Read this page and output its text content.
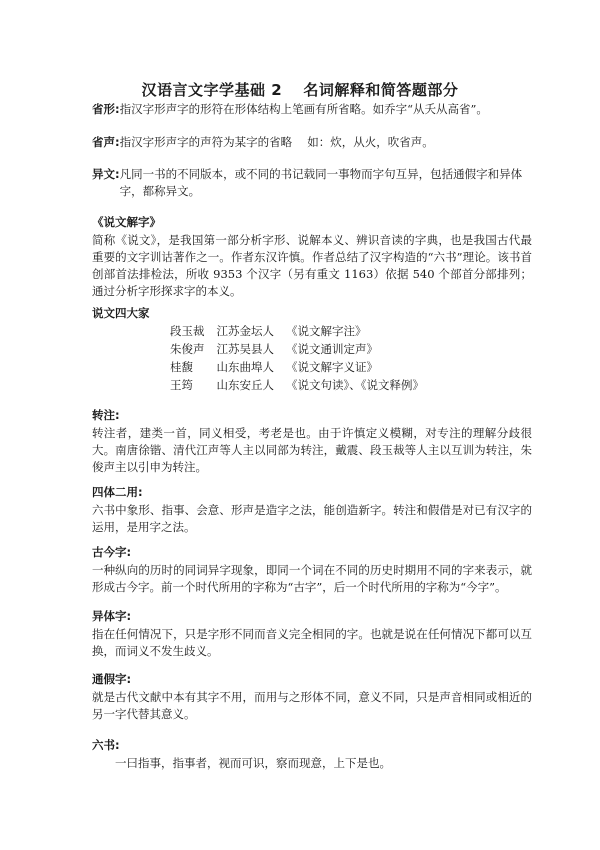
汉语言文字学基础 2　 名词解释和简答题部分
省形: 指汉字形声字的形符在形体结构上笔画有所省略。如乔字“从夭从高省”。
省声: 指汉字形声字的声符为某字的省略　 如：炊，从火，吹省声。
异文: 凡同一书的不同版本，或不同的书记载同一事物而字句互异，包括通假字和异体字，都称异文。
《说文解字》
简称《说文》，是我国第一部分析字形、说解本义、辨识音读的字典，也是我国古代最重要的文字训诂著作之一。作者东汉许慎。作者总结了汉字构造的“六书”理论。该书首创部首法排检法，所收 9353 个汉字（另有重文 1163）依据 540 个部首分部排列；通过分析字形探求字的本义。
说文四大家
段玉裁	江苏金坛人	《说文解字注》
朱俊声	江苏吴县人	《说文通训定声》
桂馥	山东曲埠人	《说文解字义证》
王筠	山东安丘人	《说文句读》、《说文释例》
转注:
转注者，建类一首，同义相受，考老是也。由于许慎定义模糊，对专注的理解分歧很大。南唐徐锴、清代江声等人主以同部为转注，戴震、段玉裁等人主以互训为转注，朱俊声主以引申为转注。
四体二用:
六书中象形、指事、会意、形声是造字之法，能创造新字。转注和假借是对已有汉字的运用，是用字之法。
古今字:
一种纵向的历时的同词异字现象，即同一个词在不同的历史时期用不同的字来表示，就形成古今字。前一个时代所用的字称为“古字”，后一个时代所用的字称为“今字”。
异体字:
指在任何情况下，只是字形不同而音义完全相同的字。也就是说在任何情况下都可以互换，而词义不发生歧义。
通假字:
就是古代文献中本有其字不用，而用与之形体不同，意义不同，只是声音相同或相近的另一字代替其意义。
六书:
一曰指事，指事者，视而可识，察而现意，上下是也。
